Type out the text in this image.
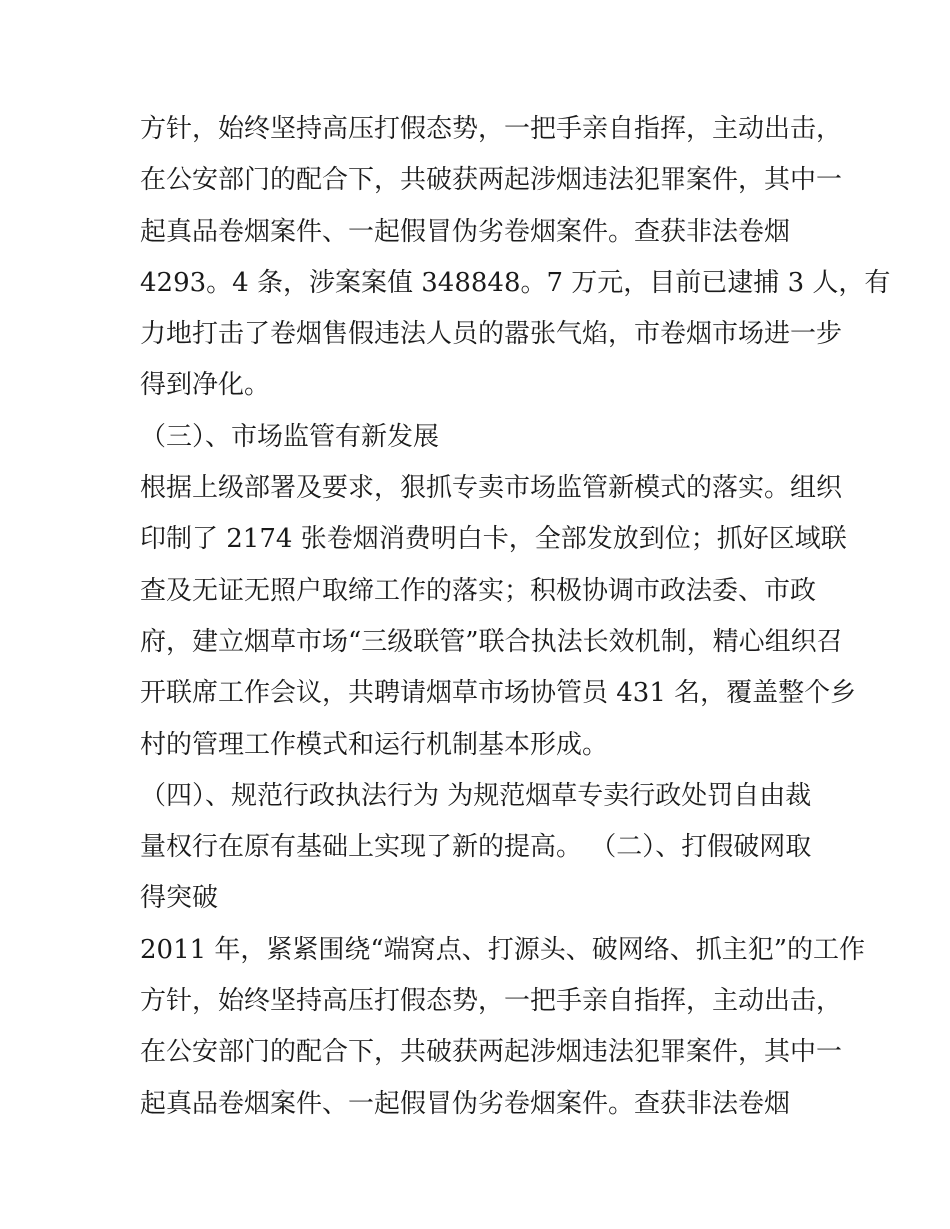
方针，始终坚持高压打假态势，一把手亲自指挥，主动出击，
在公安部门的配合下，共破获两起涉烟违法犯罪案件，其中一
起真品卷烟案件、一起假冒伪劣卷烟案件。查获非法卷烟
4293。4 条，涉案案值 348848。7 万元，目前已逮捕 3 人，有
力地打击了卷烟售假违法人员的嚣张气焰，市卷烟市场进一步
得到净化。
（三）、市场监管有新发展
根据上级部署及要求，狠抓专卖市场监管新模式的落实。组织
印制了 2174 张卷烟消费明白卡，全部发放到位；抓好区域联
查及无证无照户取缔工作的落实；积极协调市政法委、市政
府，建立烟草市场“三级联管”联合执法长效机制，精心组织召
开联席工作会议，共聘请烟草市场协管员 431 名，覆盖整个乡
村的管理工作模式和运行机制基本形成。
（四）、规范行政执法行为 为规范烟草专卖行政处罚自由裁
量权行在原有基础上实现了新的提高。 （二）、打假破网取
得突破
2011 年，紧紧围绕“端窝点、打源头、破网络、抓主犯”的工作
方针，始终坚持高压打假态势，一把手亲自指挥，主动出击，
在公安部门的配合下，共破获两起涉烟违法犯罪案件，其中一
起真品卷烟案件、一起假冒伪劣卷烟案件。查获非法卷烟
